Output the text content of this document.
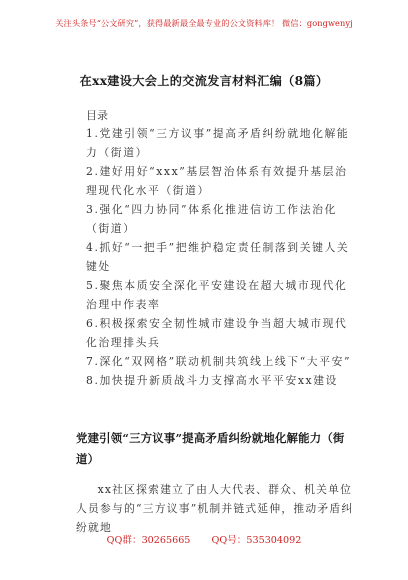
关注头条号“公文研究”，获得最新最全最专业的公文资料库！ 微信：gongwenyj
在xx建设大会上的交流发言材料汇编（8篇）
目录
1.党建引领“三方议事”提高矛盾纠纷就地化解能力（街道）
2.建好用好“xxx”基层智治体系有效提升基层治理现代化水平（街道）
3.强化“四力协同”体系化推进信访工作法治化（街道）
4.抓好“一把手”把维护稳定责任制落到关键人关键处
5.聚焦本质安全深化平安建设在超大城市现代化治理中作表率
6.积极探索安全韧性城市建设争当超大城市现代化治理排头兵
7.深化“双网格”联动机制共筑线上线下“大平安”
8.加快提升新质战斗力支撑高水平平安xx建设
党建引领“三方议事”提高矛盾纠纷就地化解能力（街道）

xx社区探索建立了由人大代表、群众、机关单位人员参与的“三方议事”机制并链式延伸，推动矛盾纠纷就地

QQ群：30265665 QQ号：535304092
